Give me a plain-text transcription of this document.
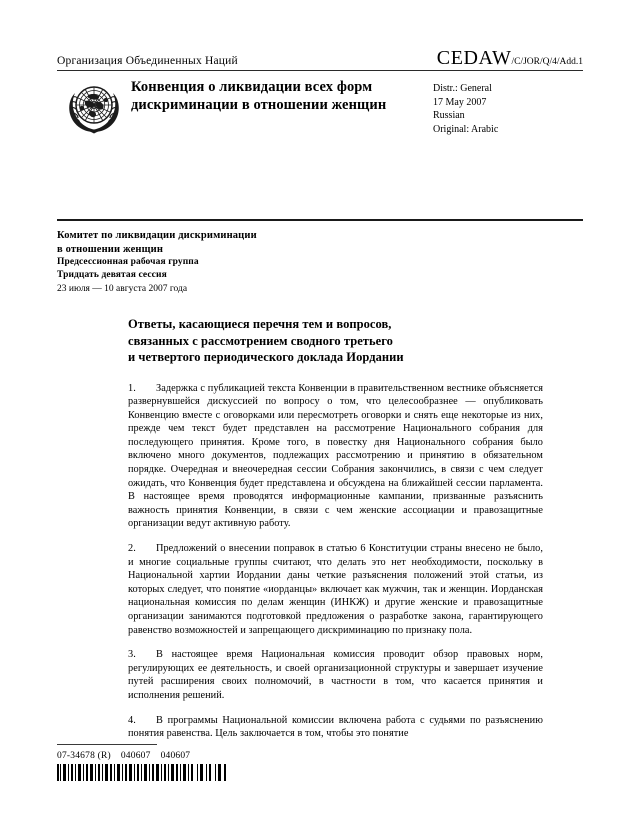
Организация Объединенных Наций	CEDAW /C/JOR/Q/4/Add.1
Конвенция о ликвидации всех форм дискриминации в отношении женщин
Distr.: General
17 May 2007
Russian
Original: Arabic
Комитет по ликвидации дискриминации
в отношении женщин
Предсессионная рабочая группа
Тридцать девятая сессия
23 июля — 10 августа 2007 года
Ответы, касающиеся перечня тем и вопросов,
связанных с рассмотрением сводного третьего
и четвертого периодического доклада Иордании

1. Задержка с публикацией текста Конвенции в правительственном вестнике объясняется развернувшейся дискуссией по вопросу о том, что целесообразнее — опубликовать Конвенцию вместе с оговорками или пересмотреть оговорки и снять еще некоторые из них, прежде чем текст будет представлен на рассмотрение Национального собрания для последующего принятия. Кроме того, в повестку дня Национального собрания было включено много документов, подлежащих рассмотрению и принятию в обязательном порядке. Очередная и внеочередная сессии Собрания закончились, в связи с чем следует ожидать, что Конвенция будет представлена и обсуждена на ближайшей сессии парламента. В настоящее время проводятся информационные кампании, призванные разъяснить важность принятия Конвенции, в связи с чем женские ассоциации и правозащитные организации ведут активную работу.

2. Предложений о внесении поправок в статью 6 Конституции страны внесено не было, и многие социальные группы считают, что делать это нет необходимости, поскольку в Национальной хартии Иордании даны четкие разъяснения положений этой статьи, из которых следует, что понятие «иорданцы» включает как мужчин, так и женщин. Иорданская национальная комиссия по делам женщин (ИНКЖ) и другие женские и правозащитные организации занимаются подготовкой предложения о разработке закона, гарантирующего равенство возможностей и запрещающего дискриминацию по признаку пола.

3. В настоящее время Национальная комиссия проводит обзор правовых норм, регулирующих ее деятельность, и своей организационной структуры и завершает изучение путей расширения своих полномочий, в частности в том, что касается принятия и исполнения решений.

4. В программы Национальной комиссии включена работа с судьями по разъяснению понятия равенства. Цель заключается в том, чтобы это понятие

07-34678 (R) 040607 040607
